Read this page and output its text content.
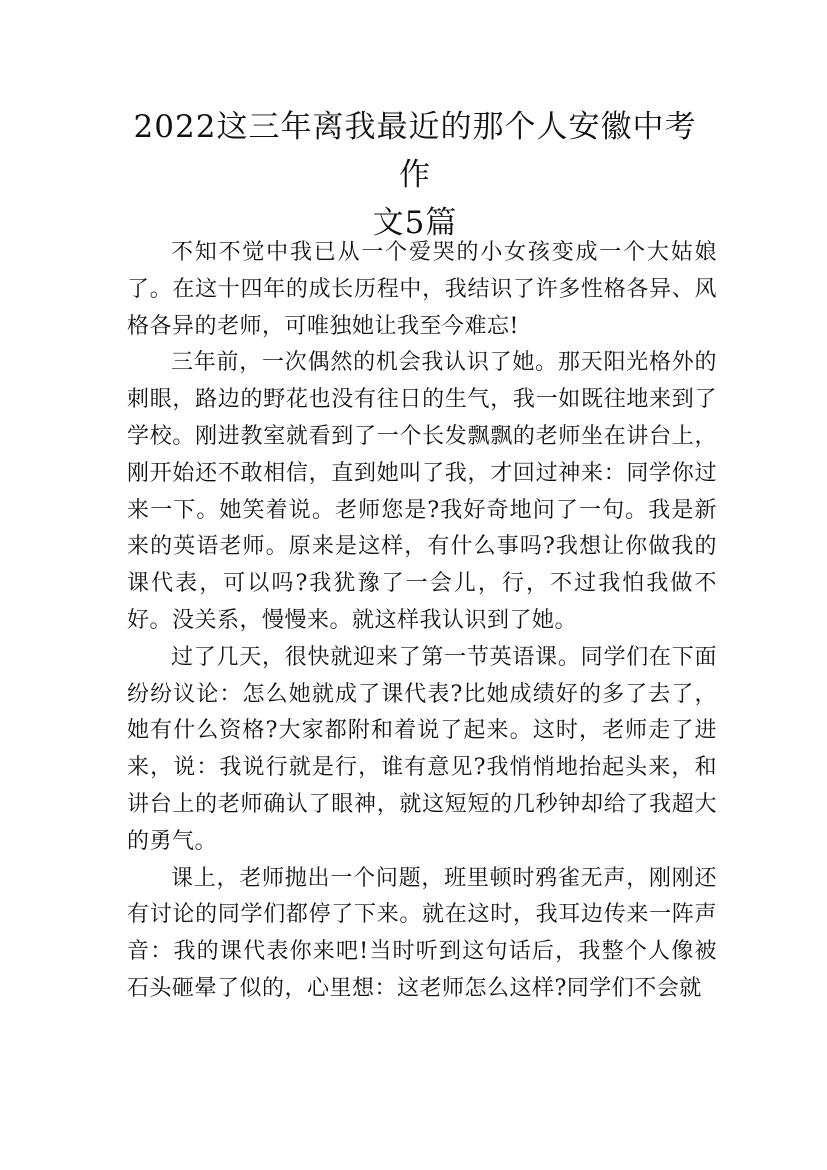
2022这三年离我最近的那个人安徽中考作
文5篇

不知不觉中我已从一个爱哭的小女孩变成一个大姑娘了。在这十四年的成长历程中，我结识了许多性格各异、风格各异的老师，可唯独她让我至今难忘!

三年前，一次偶然的机会我认识了她。那天阳光格外的刺眼，路边的野花也没有往日的生气，我一如既往地来到了学校。刚进教室就看到了一个长发飘飘的老师坐在讲台上，刚开始还不敢相信，直到她叫了我，才回过神来：同学你过来一下。她笑着说。老师您是?我好奇地问了一句。我是新来的英语老师。原来是这样，有什么事吗?我想让你做我的课代表，可以吗?我犹豫了一会儿，行，不过我怕我做不好。没关系，慢慢来。就这样我认识到了她。

过了几天，很快就迎来了第一节英语课。同学们在下面纷纷议论：怎么她就成了课代表?比她成绩好的多了去了，她有什么资格?大家都附和着说了起来。这时，老师走了进来，说：我说行就是行，谁有意见?我悄悄地抬起头来，和讲台上的老师确认了眼神，就这短短的几秒钟却给了我超大的勇气。

课上，老师抛出一个问题，班里顿时鸦雀无声，刚刚还有讨论的同学们都停了下来。就在这时，我耳边传来一阵声音：我的课代表你来吧!当时听到这句话后，我整个人像被石头砸晕了似的，心里想：这老师怎么这样?同学们不会就
